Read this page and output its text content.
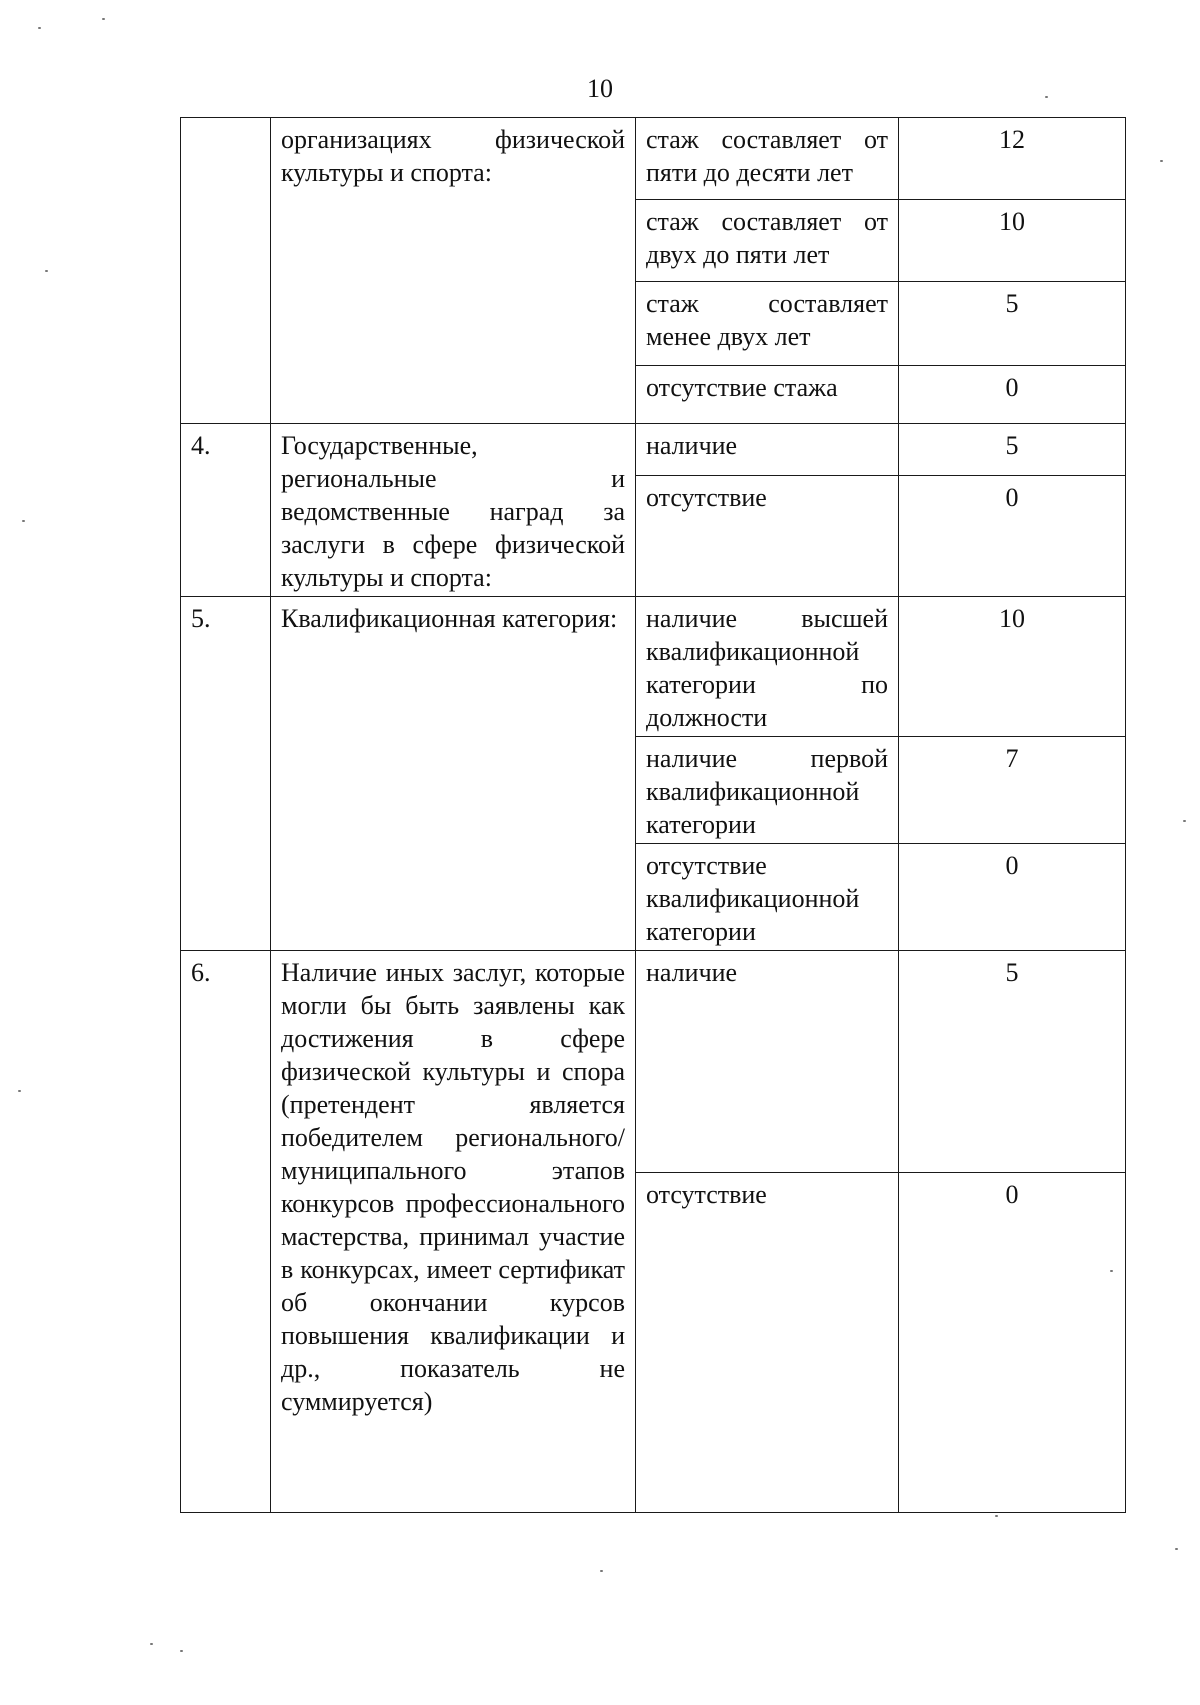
10
	организациях физической культуры и спорта:	стаж составляет от пяти до десяти лет	12
		стаж составляет от двух до пяти лет	10
		стаж составляет менее двух лет	5
		отсутствие стажа	0
4.	Государственные, региональные и ведомственные наград за заслуги в сфере физической культуры и спорта:	наличие	5
		отсутствие	0
5.	Квалификационная категория:	наличие высшей квалификационной категории по должности	10
		наличие первой квалификационной категории	7
		отсутствие квалификационной категории	0
6.	Наличие иных заслуг, которые могли бы быть заявлены как достижения в сфере физической культуры и спора (претендент является победителем регионального/ муниципального этапов конкурсов профессионального мастерства, принимал участие в конкурсах, имеет сертификат об окончании курсов повышения квалификации и др., показатель не суммируется)	наличие	5
		отсутствие	0
